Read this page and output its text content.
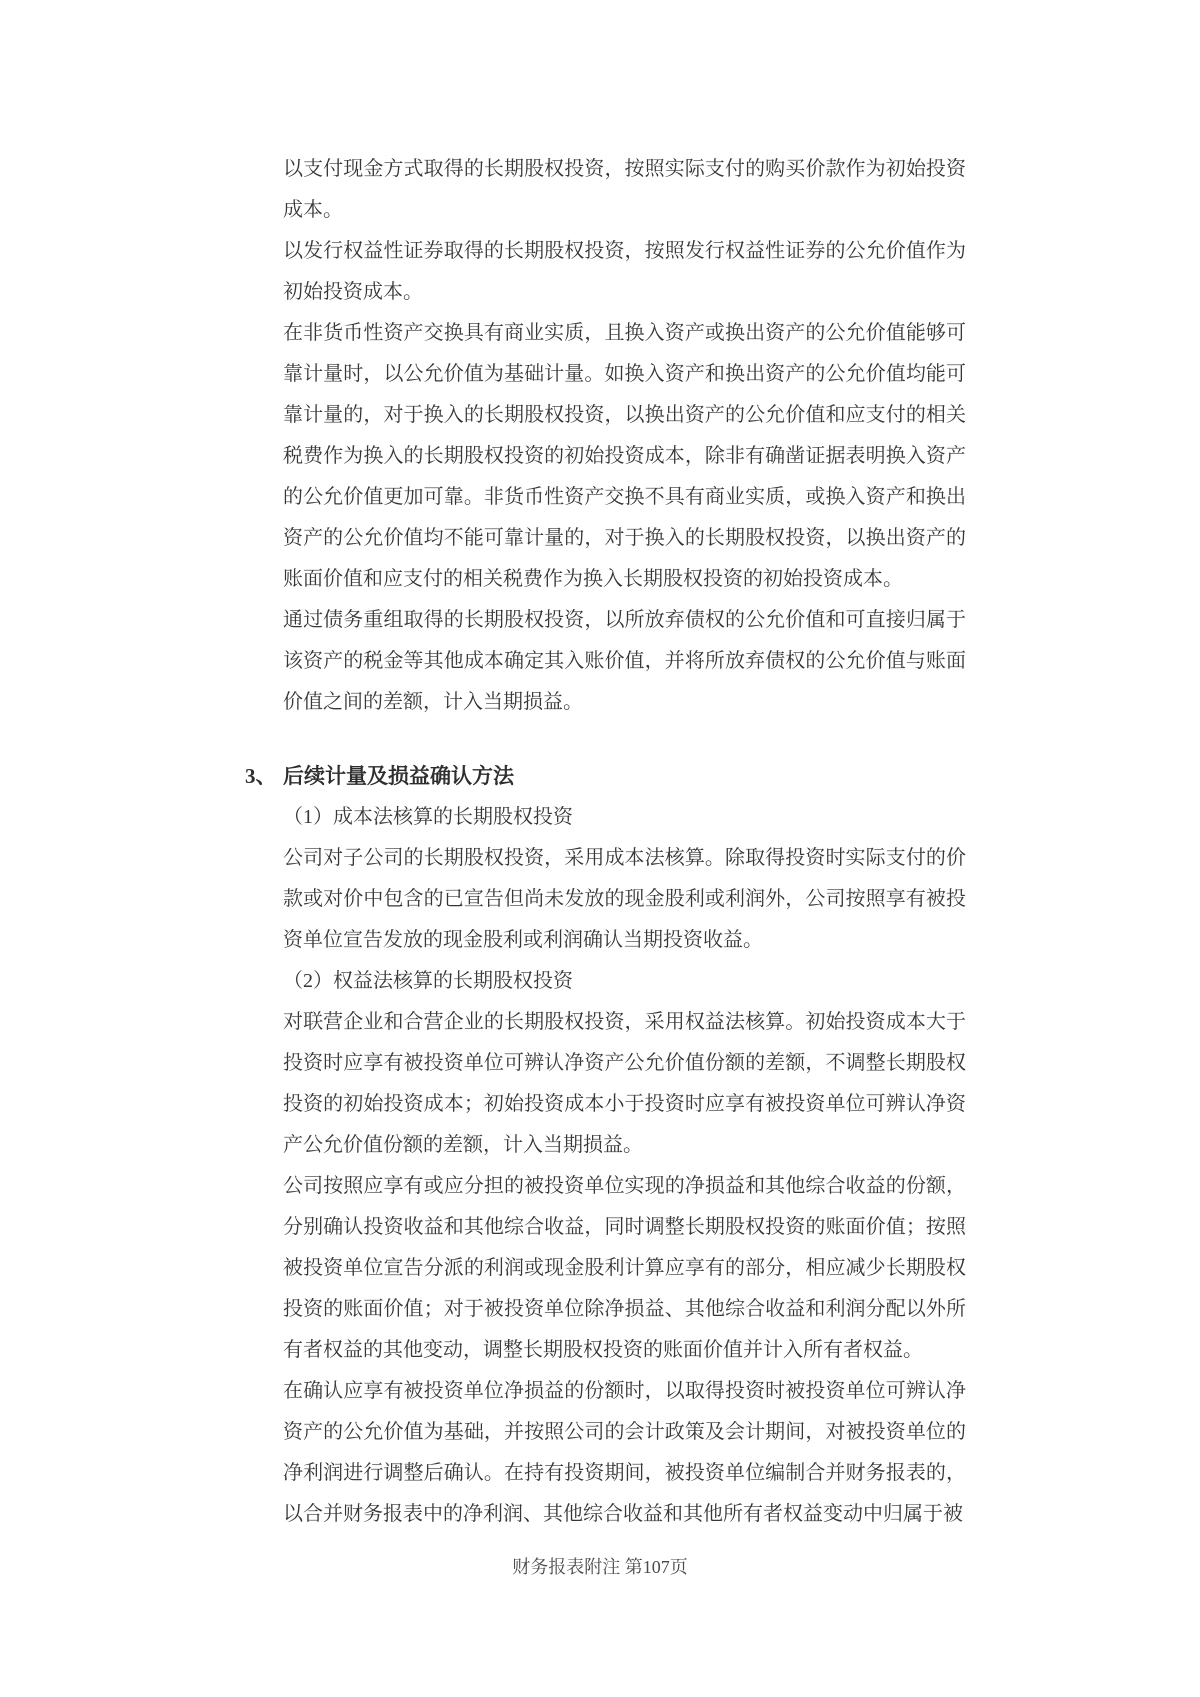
以支付现金方式取得的长期股权投资，按照实际支付的购买价款作为初始投资成本。

以发行权益性证券取得的长期股权投资，按照发行权益性证券的公允价值作为初始投资成本。

在非货币性资产交换具有商业实质，且换入资产或换出资产的公允价值能够可靠计量时，以公允价值为基础计量。如换入资产和换出资产的公允价值均能可靠计量的，对于换入的长期股权投资，以换出资产的公允价值和应支付的相关税费作为换入的长期股权投资的初始投资成本，除非有确凿证据表明换入资产的公允价值更加可靠。非货币性资产交换不具有商业实质，或换入资产和换出资产的公允价值均不能可靠计量的，对于换入的长期股权投资，以换出资产的账面价值和应支付的相关税费作为换入长期股权投资的初始投资成本。

通过债务重组取得的长期股权投资，以所放弃债权的公允价值和可直接归属于该资产的税金等其他成本确定其入账价值，并将所放弃债权的公允价值与账面价值之间的差额，计入当期损益。

3、 后续计量及损益确认方法

（1）成本法核算的长期股权投资

公司对子公司的长期股权投资，采用成本法核算。除取得投资时实际支付的价款或对价中包含的已宣告但尚未发放的现金股利或利润外，公司按照享有被投资单位宣告发放的现金股利或利润确认当期投资收益。

（2）权益法核算的长期股权投资

对联营企业和合营企业的长期股权投资，采用权益法核算。初始投资成本大于投资时应享有被投资单位可辨认净资产公允价值份额的差额，不调整长期股权投资的初始投资成本；初始投资成本小于投资时应享有被投资单位可辨认净资产公允价值份额的差额，计入当期损益。

公司按照应享有或应分担的被投资单位实现的净损益和其他综合收益的份额，分别确认投资收益和其他综合收益，同时调整长期股权投资的账面价值；按照被投资单位宣告分派的利润或现金股利计算应享有的部分，相应减少长期股权投资的账面价值；对于被投资单位除净损益、其他综合收益和利润分配以外所有者权益的其他变动，调整长期股权投资的账面价值并计入所有者权益。

在确认应享有被投资单位净损益的份额时，以取得投资时被投资单位可辨认净资产的公允价值为基础，并按照公司的会计政策及会计期间，对被投资单位的净利润进行调整后确认。在持有投资期间，被投资单位编制合并财务报表的，以合并财务报表中的净利润、其他综合收益和其他所有者权益变动中归属于被

财务报表附注 第107页
